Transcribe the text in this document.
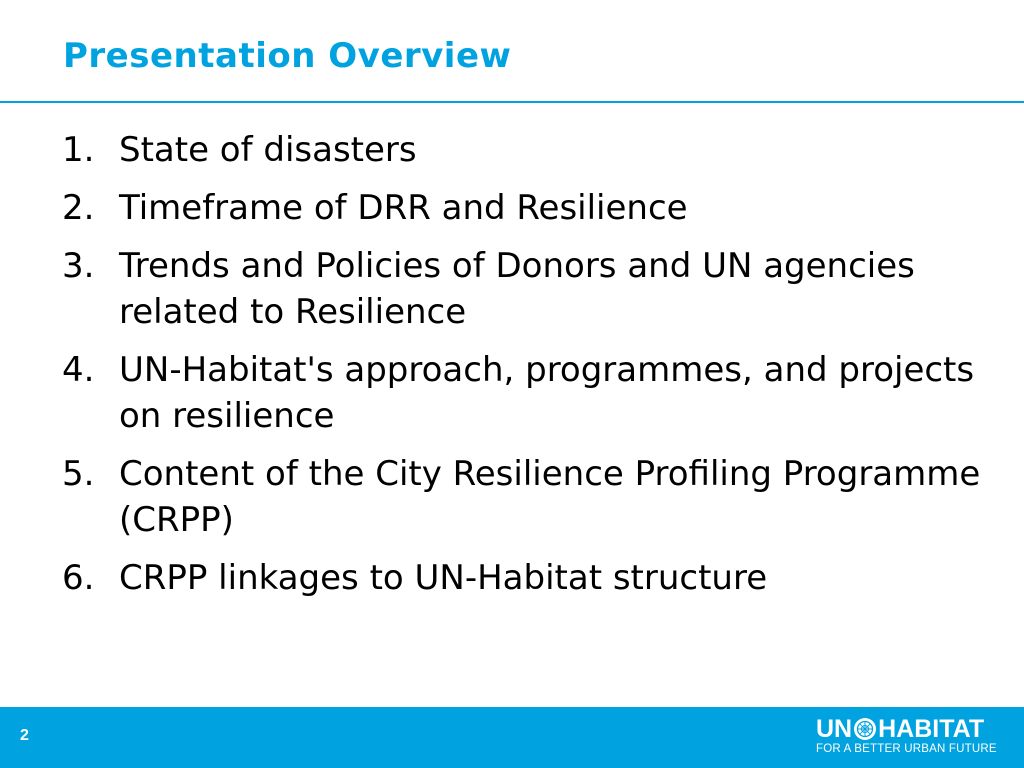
Presentation Overview
1. State of disasters
2. Timeframe of DRR and Resilience
3. Trends and Policies of Donors and UN agencies related to Resilience
4. UN-Habitat's approach, programmes, and projects on resilience
5. Content of the City Resilience Profiling Programme (CRPP)
6. CRPP linkages to UN-Habitat structure
2	UN HABITAT
FOR A BETTER URBAN FUTURE
